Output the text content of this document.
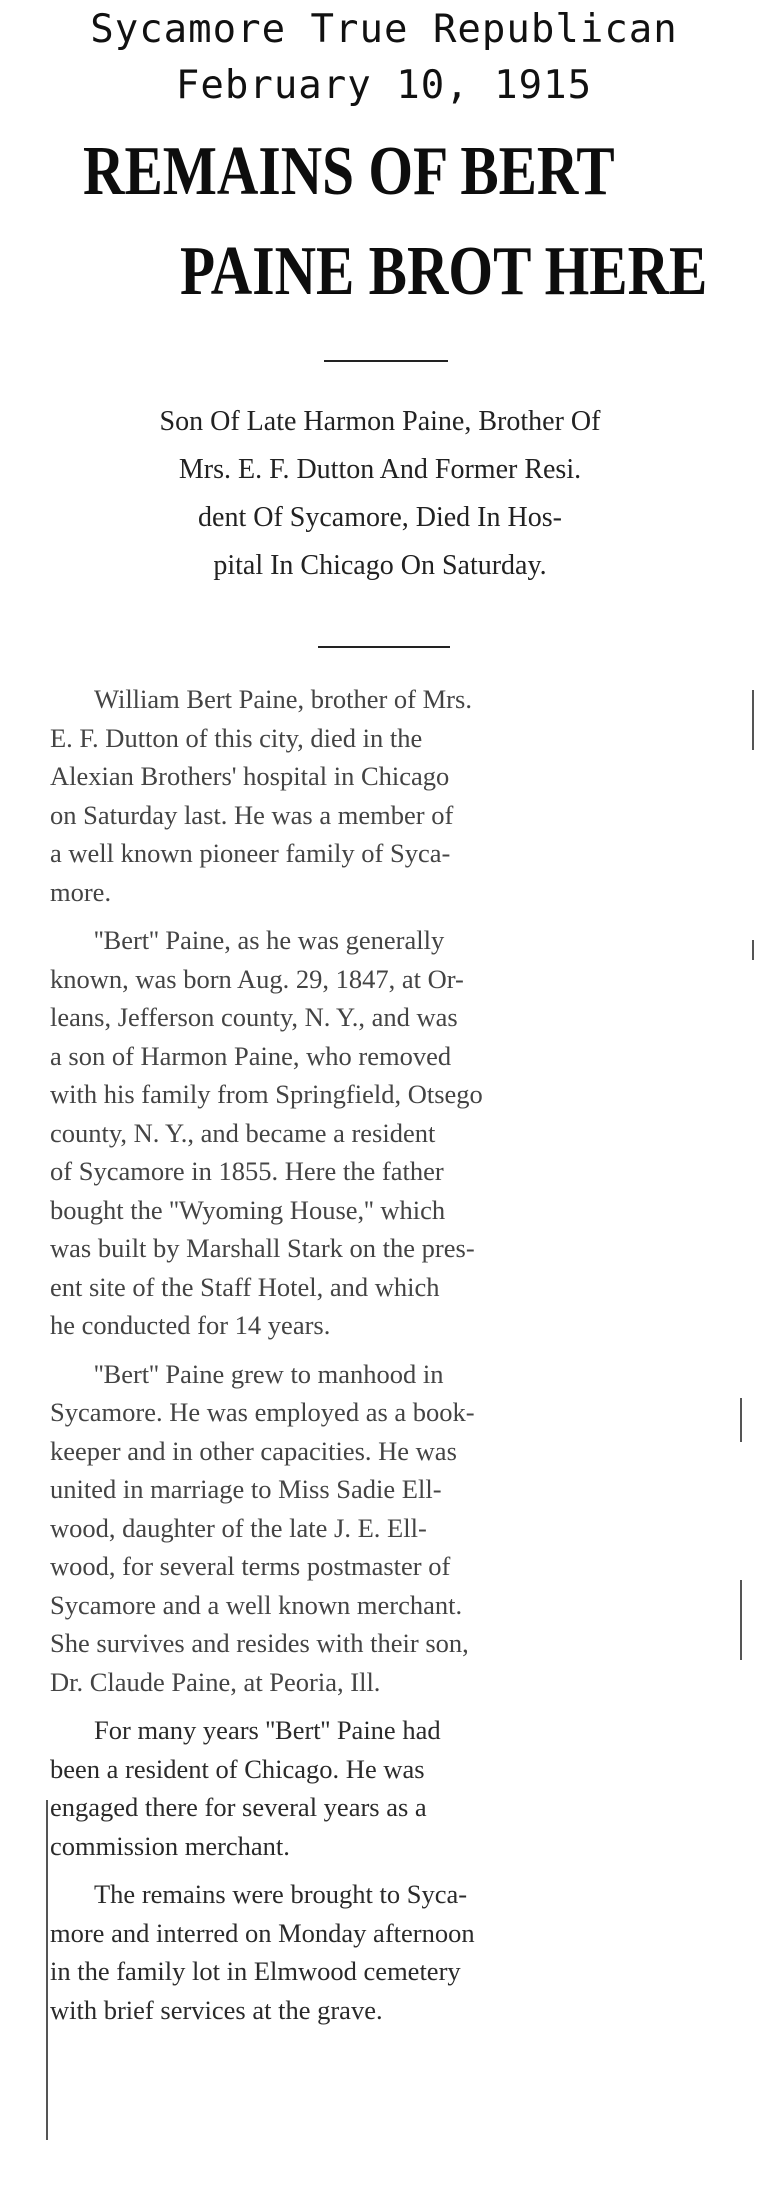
Sycamore True Republican
February 10, 1915
REMAINS OF BERT
PAINE BROT HERE
Son Of Late Harmon Paine, Brother Of
Mrs. E. F. Dutton And Former Resi.
dent Of Sycamore, Died In Hos-
pital In Chicago On Saturday.
William Bert Paine, brother of Mrs.
E. F. Dutton of this city, died in the
Alexian Brothers' hospital in Chicago
on Saturday last. He was a member of
a well known pioneer family of Syca-
more.
''Bert'' Paine, as he was generally
known, was born Aug. 29, 1847, at Or-
leans, Jefferson county, N. Y., and was
a son of Harmon Paine, who removed
with his family from Springfield, Otsego
county, N. Y., and became a resident
of Sycamore in 1855. Here the father
bought the ''Wyoming House,'' which
was built by Marshall Stark on the pres-
ent site of the Staff Hotel, and which
he conducted for 14 years.
''Bert'' Paine grew to manhood in
Sycamore. He was employed as a book-
keeper and in other capacities. He was
united in marriage to Miss Sadie Ell-
wood, daughter of the late J. E. Ell-
wood, for several terms postmaster of
Sycamore and a well known merchant.
She survives and resides with their son,
Dr. Claude Paine, at Peoria, Ill.
For many years ''Bert'' Paine had
been a resident of Chicago. He was
engaged there for several years as a
commission merchant.
The remains were brought to Syca-
more and interred on Monday afternoon
in the family lot in Elmwood cemetery
with brief services at the grave.
